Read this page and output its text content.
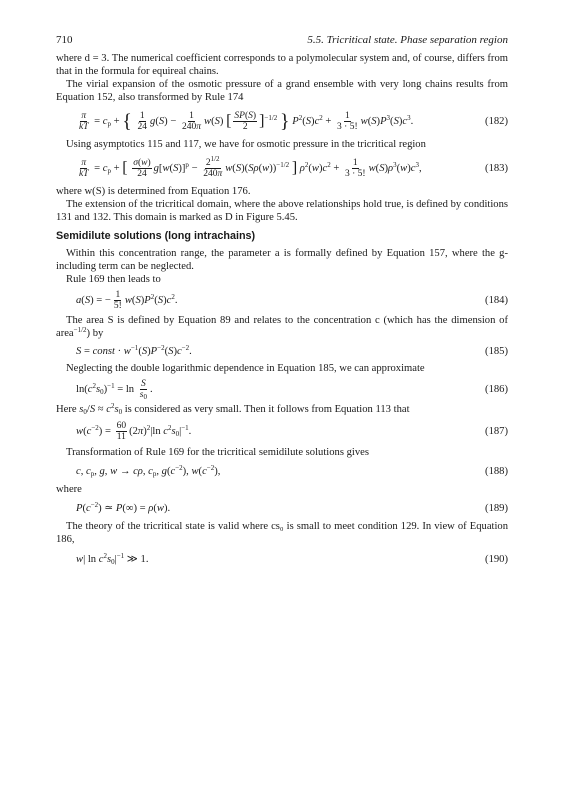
710	5.5. Tricritical state. Phase separation region

where d = 3. The numerical coefficient corresponds to a polymolecular system and, of course, differs from that in the formula for equireal chains.

The virial expansion of the osmotic pressure of a grand ensemble with very long chains results from Equation 152, also transformed by Rule 174

$\frac{\pi}{kT} = c_p$ + { $\frac{1}{24} g(S) - \frac{1}{240\pi} w(S)$ [ $\frac{SP(S)}{2} ]^{-1/2}$ } $P^2(S)c^2 + \frac{1}{3 \cdot 5!} w(S)P^3(S)c^3$.	(182)

Using asymptotics 115 and 117, we have for osmotic pressure in the tricritical region

$\frac{\pi}{kT} = c_p$ + [ $\frac{\sigma(w)}{24} g[w(S)]^p - \frac{2^{1/2}}{240\pi} w(S)(S\rho(w))^{-1/2}$ ] $\rho^2(w)c^2 + \frac{1}{3 \cdot 5!} w(S)\rho^3(w)c^3$,	(183)

where w(S) is determined from Equation 176.

The extension of the tricritical domain, where the above relationships hold true, is defined by conditions 131 and 132. This domain is marked as D in Figure 5.45.

Semidilute solutions (long intrachains)

Within this concentration range, the parameter a is formally defined by Equation 157, where the g-including term can be neglected.

Rule 169 then leads to

a(S) = − $\frac{1}{5!} w(S)P^2(S)c^2$.	(184)

The area S is defined by Equation 89 and relates to the concentration c (which has the dimension of area$^{-1/2}$) by

S = const · $w^{-1}(S)P^{-2}(S)c^{-2}$.	(185)

Neglecting the double logarithmic dependence in Equation 185, we can approximate

$\ln(c^2s_0)^{-1} = \ln \frac{S}{s_0}$ .	(186)

Here $s_0/S \approx c^2s_0$ is considered as very small. Then it follows from Equation 113 that

$w(c^{-2}) = \frac{60}{11} (2\pi)^2|\ln$ $c^2s_0|^{-1}$.	(187)

Transformation of Rule 169 for the tricritical semidilute solutions gives

c, $c_p$, g, w → cρ, $c_p$, $g(c^{-2})$, $w(c^{-2})$,	(188)

where

$P(c^{-2})$ ≃ P(∞) = ρ(w).	(189)

The theory of the tricritical state is valid where cs₀ is small to meet condition 129. In view of Equation 186,

w| $\ln c^2s_0|^{-1}$ ≫ 1.	(190)
